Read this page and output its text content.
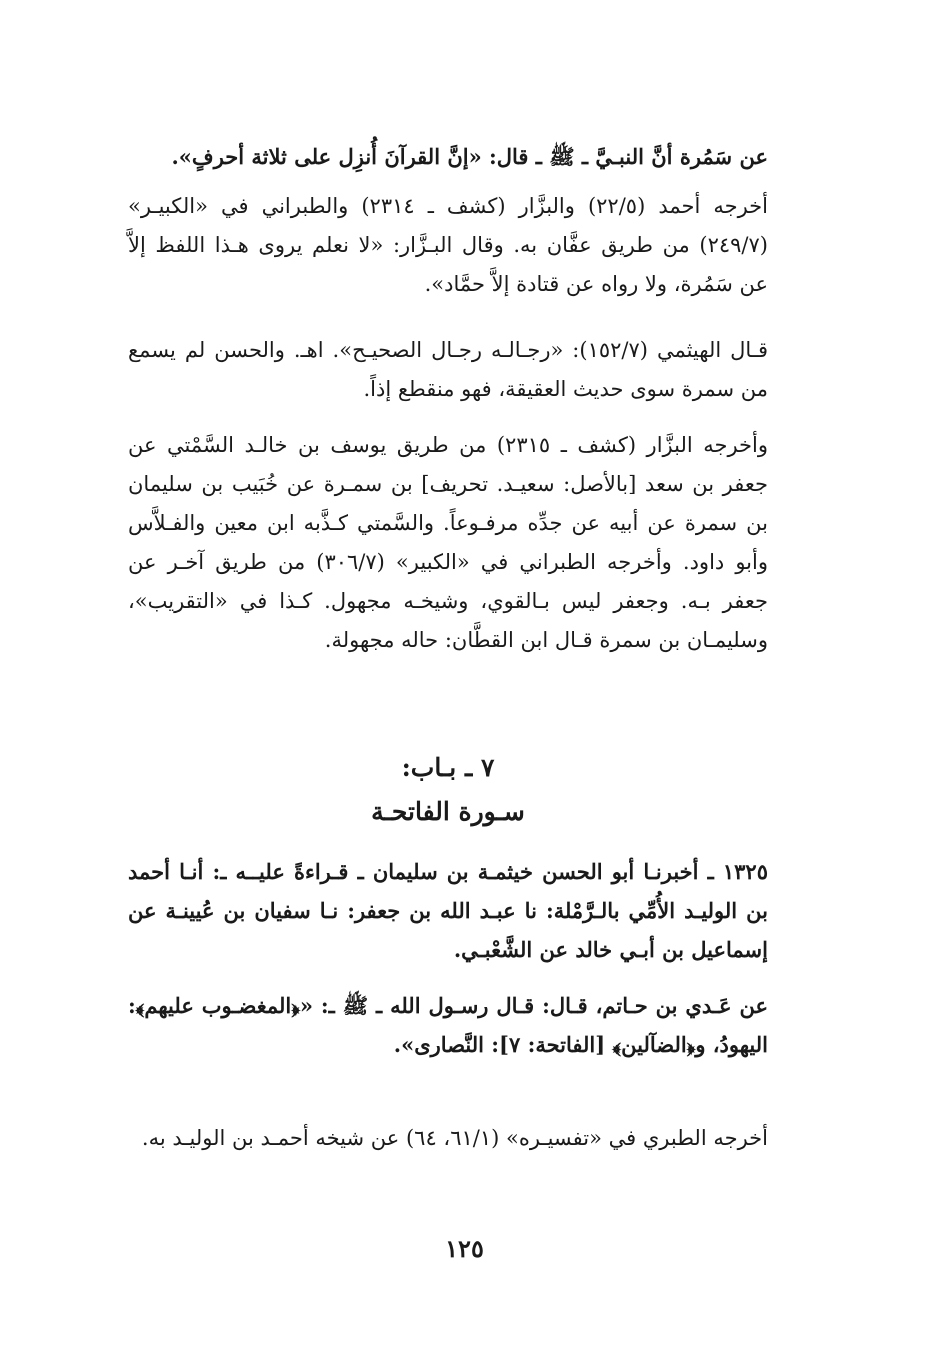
عن سَمُرة أنَّ النبـيَّ ـ ﷺ ـ قال: «إنَّ القرآنَ أُنزِل على ثلاثة أحرفٍ».

أخرجه أحمد (٢٢/٥) والبزَّار (كشف ـ ٢٣١٤) والطبراني في «الكبيـر» (٢٤٩/٧) من طريق عفَّان به. وقال البـزَّار: «لا نعلم يروى هـذا اللفظ إلاَّ عن سَمُرة، ولا رواه عن قتادة إلاَّ حمَّاد».

قـال الهيثمي (١٥٢/٧): «رجـالـه رجـال الصحيـح». اهـ. والحسن لم يسمع من سمرة سوى حديث العقيقة، فهو منقطع إذاً.

وأخرجه البزَّار (كشف ـ ٢٣١٥) من طريق يوسف بن خالـد السَّمْتي عن جعفر بن سعد [بالأصل: سعيـد. تحريف] بن سمـرة عن خُبَيب بن سليمان بن سمرة عن أبيه عن جدِّه مرفـوعاً. والسَّمتي كـذَّبه ابن معين والفـلاَّس وأبو داود. وأخرجه الطبراني في «الكبير» (٣٠٦/٧) من طريق آخـر عن جعفر بـه. وجعفر ليس بـالقوي، وشيخـه مجهول. كـذا في «التقريب»، وسليمـان بن سمرة قـال ابن القطَّان: حاله مجهولة.

٧ ـ بـاب:

سـورة الفاتحـة

١٣٢٥ ـ أخبرنـا أبو الحسن خيثمـة بن سليمان ـ قـراءةً عليــه ـ: أنـا أحمد بن الوليـد الأُمِّي بالـرَّمْلة: نا عبـد الله بن جعفر: نـا سفيان بن عُيينـة عن إسماعيل بن أبـي خالد عن الشَّعْبـي.

عن عَـدي بن حـاتم، قـال: قـال رسـول الله ـ ﷺ ـ: «﴿المغضـوب عليهم﴾: اليهودُ، و﴿الضآلين﴾ [الفاتحة: ٧]: النَّصارى».

أخرجه الطبري في «تفسيـره» (٦١/١، ٦٤) عن شيخه أحمـد بن الوليـد به.

١٢٥
